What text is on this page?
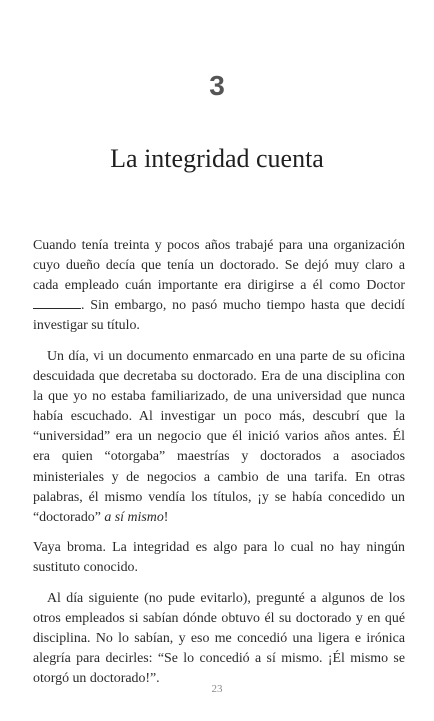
3
La integridad cuenta

Cuando tenía treinta y pocos años trabajé para una organización cuyo dueño decía que tenía un doctorado. Se dejó muy claro a cada empleado cuán importante era dirigirse a él como Doctor . Sin embargo, no pasó mucho tiempo hasta que decidí investigar su título.

Un día, vi un documento enmarcado en una parte de su oficina descuidada que decretaba su doctorado. Era de una disciplina con la que yo no estaba familiarizado, de una universidad que nunca había escuchado. Al investigar un poco más, descubrí que la “universidad” era un negocio que él inició varios años antes. Él era quien “otorgaba” maestrías y doctorados a asociados ministeriales y de negocios a cambio de una tarifa. En otras palabras, él mismo vendía los títulos, ¡y se había concedido un “doctorado” a sí mismo!

Vaya broma. La integridad es algo para lo cual no hay ningún sustituto conocido.

Al día siguiente (no pude evitarlo), pregunté a algunos de los otros empleados si sabían dónde obtuvo él su doctorado y en qué disciplina. No lo sabían, y eso me concedió una ligera e irónica alegría para decirles: “Se lo concedió a sí mismo. ¡Él mismo se otorgó un doctorado!”.

23
